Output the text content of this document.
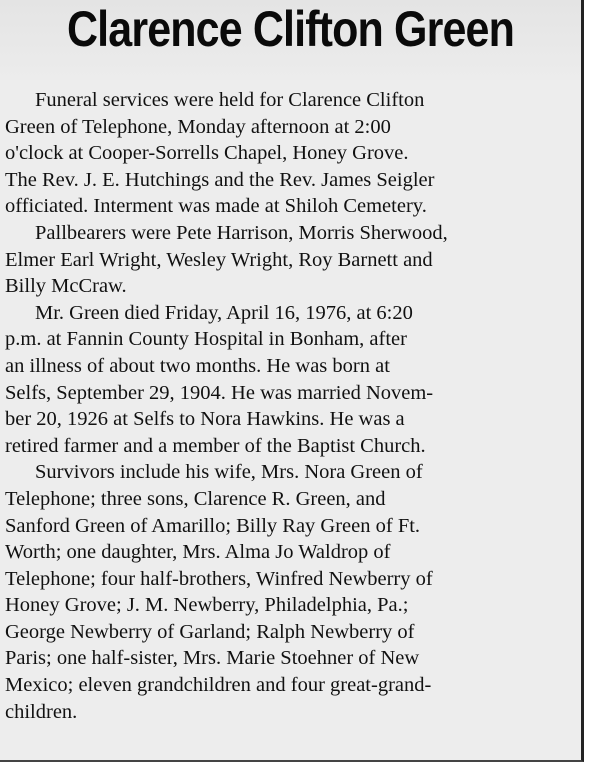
Clarence Clifton Green

Funeral services were held for Clarence Clifton
Green of Telephone, Monday afternoon at 2:00
o'clock at Cooper-Sorrells Chapel, Honey Grove.
The Rev. J. E. Hutchings and the Rev. James Seigler
officiated. Interment was made at Shiloh Cemetery.

Pallbearers were Pete Harrison, Morris Sherwood,
Elmer Earl Wright, Wesley Wright, Roy Barnett and
Billy McCraw.

Mr. Green died Friday, April 16, 1976, at 6:20
p.m. at Fannin County Hospital in Bonham, after
an illness of about two months. He was born at
Selfs, September 29, 1904. He was married Novem-
ber 20, 1926 at Selfs to Nora Hawkins. He was a
retired farmer and a member of the Baptist Church.

Survivors include his wife, Mrs. Nora Green of
Telephone; three sons, Clarence R. Green, and
Sanford Green of Amarillo; Billy Ray Green of Ft.
Worth; one daughter, Mrs. Alma Jo Waldrop of
Telephone; four half-brothers, Winfred Newberry of
Honey Grove; J. M. Newberry, Philadelphia, Pa.;
George Newberry of Garland; Ralph Newberry of
Paris; one half-sister, Mrs. Marie Stoehner of New
Mexico; eleven grandchildren and four great-grand-
children.
